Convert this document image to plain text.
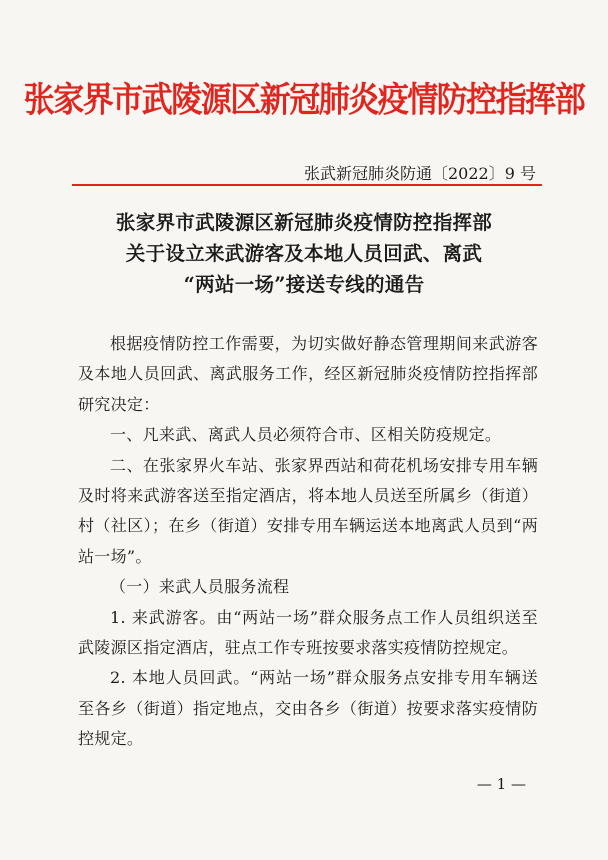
张家界市武陵源区新冠肺炎疫情防控指挥部
张武新冠肺炎防通〔2022〕9 号
张家界市武陵源区新冠肺炎疫情防控指挥部
关于设立来武游客及本地人员回武、离武
“两站一场”接送专线的通告

根据疫情防控工作需要，为切实做好静态管理期间来武游客及本地人员回武、离武服务工作，经区新冠肺炎疫情防控指挥部研究决定：

一、凡来武、离武人员必须符合市、区相关防疫规定。

二、在张家界火车站、张家界西站和荷花机场安排专用车辆及时将来武游客送至指定酒店，将本地人员送至所属乡（街道）村（社区）；在乡（街道）安排专用车辆运送本地离武人员到“两站一场”。

（一）来武人员服务流程

1. 来武游客。由“两站一场”群众服务点工作人员组织送至武陵源区指定酒店，驻点工作专班按要求落实疫情防控规定。

2. 本地人员回武。“两站一场”群众服务点安排专用车辆送至各乡（街道）指定地点，交由各乡（街道）按要求落实疫情防控规定。

— 1 —
